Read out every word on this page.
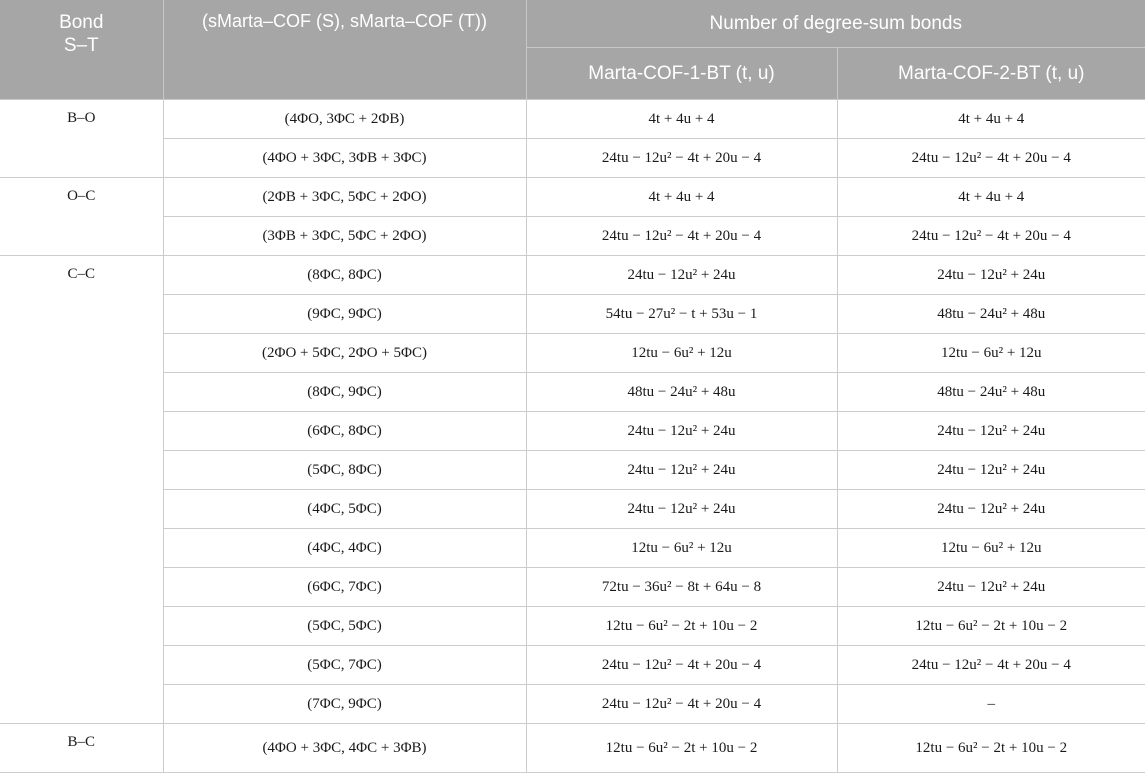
Bond
S–T	(sMarta–COF (S), sMarta–COF (T))	Number of degree-sum bonds	
		Marta-COF-1-BT (t, u)	Marta-COF-2-BT (t, u)
B–O	(4ΦO, 3ΦC + 2ΦB)	4t + 4u + 4	4t + 4u + 4
	(4ΦO + 3ΦC, 3ΦB + 3ΦC)	24tu − 12u² − 4t + 20u − 4	24tu − 12u² − 4t + 20u − 4
O–C	(2ΦB + 3ΦC, 5ΦC + 2ΦO)	4t + 4u + 4	4t + 4u + 4
	(3ΦB + 3ΦC, 5ΦC + 2ΦO)	24tu − 12u² − 4t + 20u − 4	24tu − 12u² − 4t + 20u − 4
C–C	(8ΦC, 8ΦC)	24tu − 12u² + 24u	24tu − 12u² + 24u
	(9ΦC, 9ΦC)	54tu − 27u² − t + 53u − 1	48tu − 24u² + 48u
	(2ΦO + 5ΦC, 2ΦO + 5ΦC)	12tu − 6u² + 12u	12tu − 6u² + 12u
	(8ΦC, 9ΦC)	48tu − 24u² + 48u	48tu − 24u² + 48u
	(6ΦC, 8ΦC)	24tu − 12u² + 24u	24tu − 12u² + 24u
	(5ΦC, 8ΦC)	24tu − 12u² + 24u	24tu − 12u² + 24u
	(4ΦC, 5ΦC)	24tu − 12u² + 24u	24tu − 12u² + 24u
	(4ΦC, 4ΦC)	12tu − 6u² + 12u	12tu − 6u² + 12u
	(6ΦC, 7ΦC)	72tu − 36u² − 8t + 64u − 8	24tu − 12u² + 24u
	(5ΦC, 5ΦC)	12tu − 6u² − 2t + 10u − 2	12tu − 6u² − 2t + 10u − 2
	(5ΦC, 7ΦC)	24tu − 12u² − 4t + 20u − 4	24tu − 12u² − 4t + 20u − 4
	(7ΦC, 9ΦC)	24tu − 12u² − 4t + 20u − 4	–
B–C	(4ΦO + 3ΦC, 4ΦC + 3ΦB)	12tu − 6u² − 2t + 10u − 2	12tu − 6u² − 2t + 10u − 2
